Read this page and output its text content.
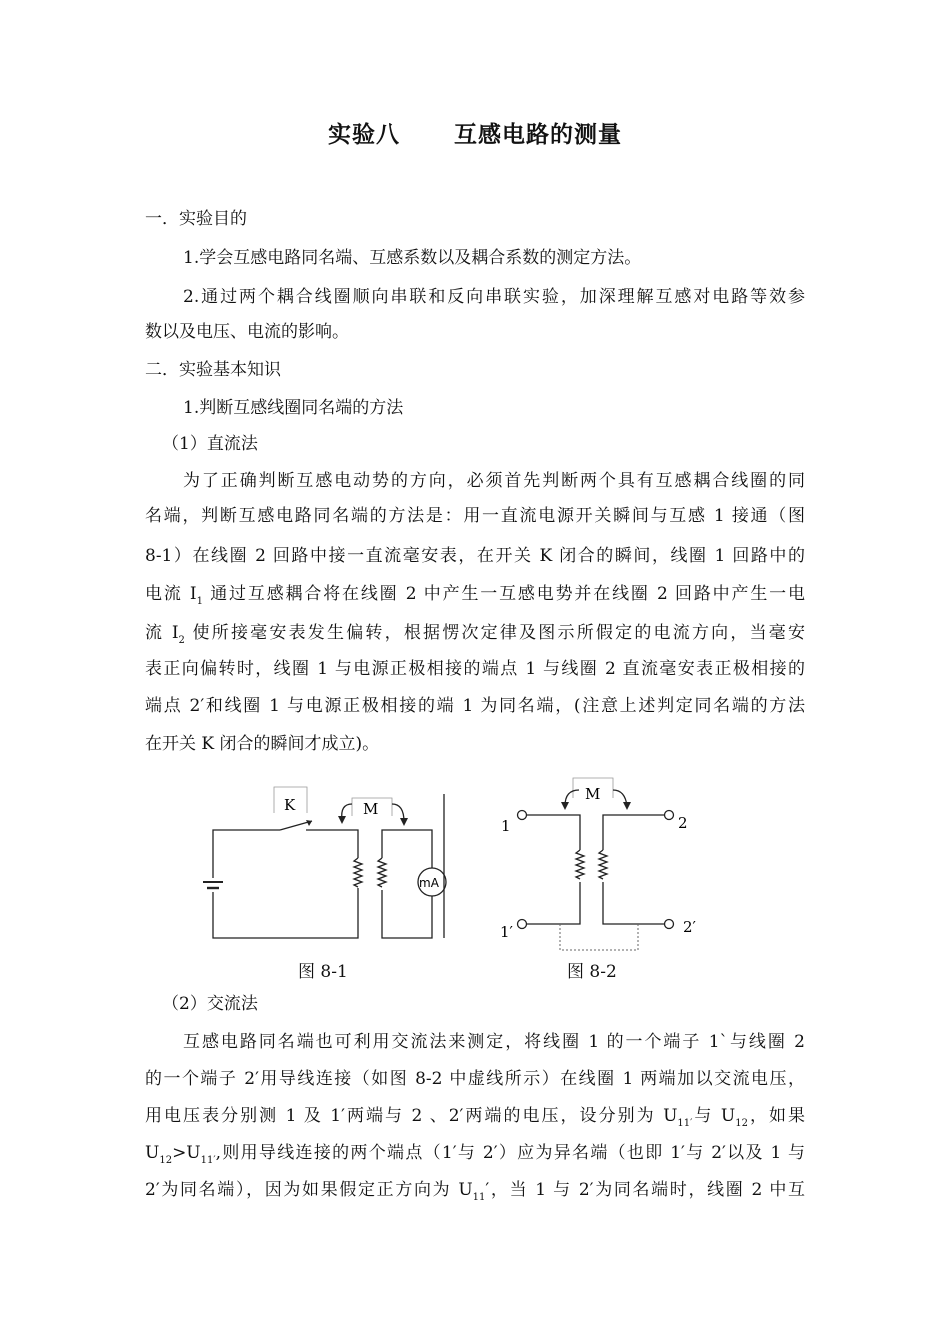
实验八      互感电路的测量
一．实验目的
1.学会互感电路同名端、互感系数以及耦合系数的测定方法。
2.通过两个耦合线圈顺向串联和反向串联实验，加深理解互感对电路等效参
数以及电压、电流的影响。
二．实验基本知识
1.判断互感线圈同名端的方法
（1）直流法
为了正确判断互感电动势的方向，必须首先判断两个具有互感耦合线圈的同
名端，判断互感电路同名端的方法是：用一直流电源开关瞬间与互感 1 接通（图
8-1）在线圈 2 回路中接一直流毫安表，在开关 K 闭合的瞬间，线圈 1 回路中的
电流 $I_1$ 通过互感耦合将在线圈 2 中产生一互感电势并在线圈 2 回路中产生一电
流 $I_2$ 使所接毫安表发生偏转，根据愣次定律及图示所假定的电流方向，当毫安
表正向偏转时，线圈 1 与电源正极相接的端点 1 与线圈 2 直流毫安表正极相接的
端点 2′和线圈 1 与电源正极相接的端 1 为同名端，(注意上述判定同名端的方法
在开关 K 闭合的瞬间才成立)。
K	M
mA
图 8-1
M
1	2
1′	2′
图 8-2
（2）交流法
互感电路同名端也可利用交流法来测定，将线圈 1 的一个端子 1`与线圈 2
的一个端子 2′用导线连接（如图 8-2 中虚线所示）在线圈 1 两端加以交流电压，
用电压表分别测 1 及 1′两端与 2 、2′两端的电压，设分别为 $U_{11'}$与 $U_{12}$，如果
$U_{12}>U_{11'}$,则用导线连接的两个端点（1′与 2′）应为异名端（也即 1′与 2′以及 1 与
2′为同名端），因为如果假定正方向为 $U_{11}'$，当 1 与 2′为同名端时，线圈 2 中互
